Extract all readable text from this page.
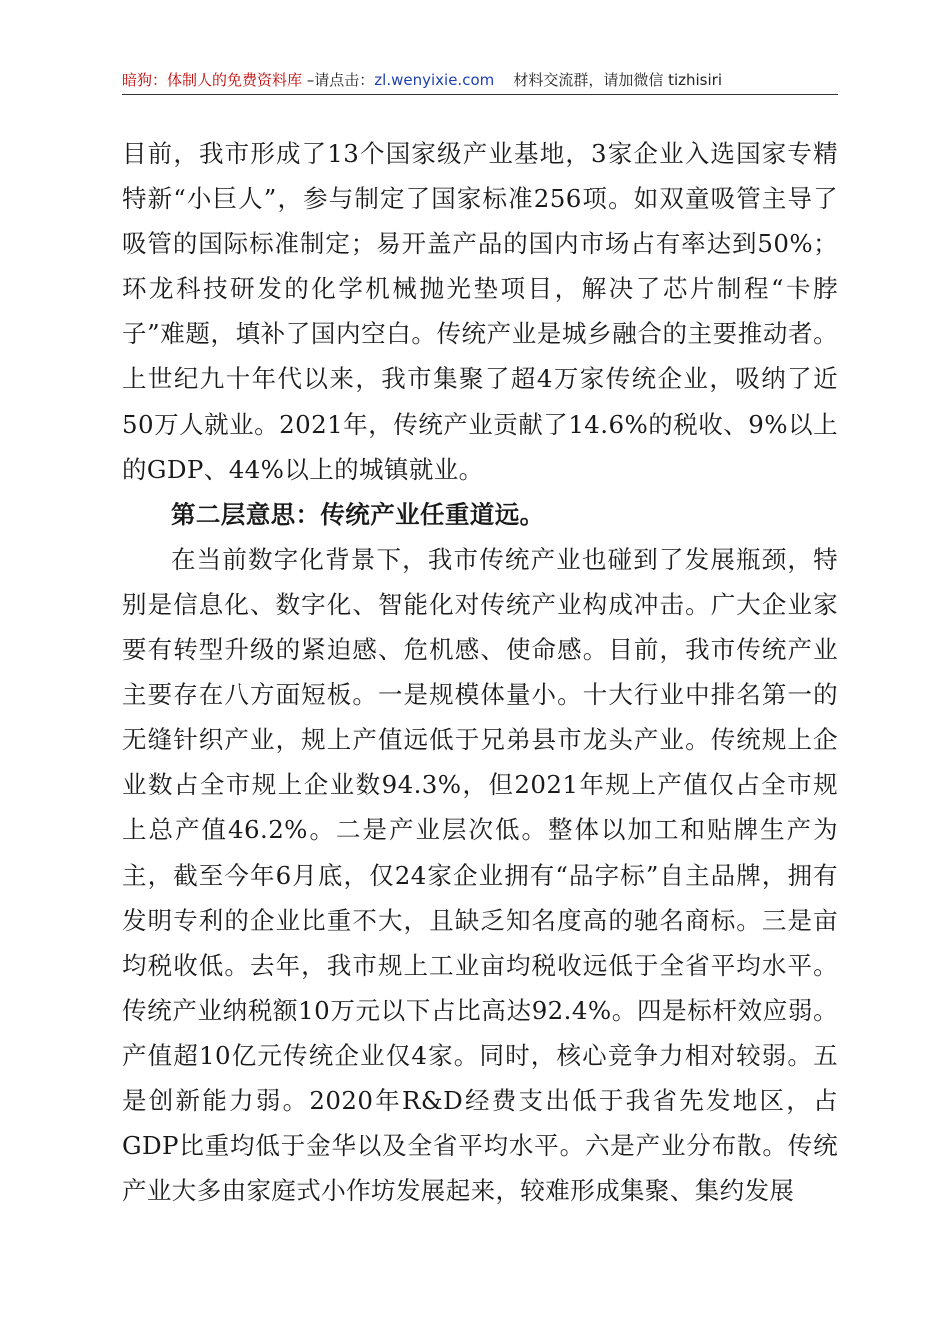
暗狗：体制人的免费资料库 –请点击：zl.wenyixie.com 材料交流群，请加微信 tizhisiri

目前，我市形成了13个国家级产业基地，3家企业入选国家专精特新“小巨人”，参与制定了国家标准256项。如双童吸管主导了吸管的国际标准制定；易开盖产品的国内市场占有率达到50%；环龙科技研发的化学机械抛光垫项目，解决了芯片制程“卡脖子”难题，填补了国内空白。传统产业是城乡融合的主要推动者。上世纪九十年代以来，我市集聚了超4万家传统企业，吸纳了近50万人就业。2021年，传统产业贡献了14.6%的税收、9%以上的GDP、44%以上的城镇就业。

第二层意思：传统产业任重道远。

在当前数字化背景下，我市传统产业也碰到了发展瓶颈，特别是信息化、数字化、智能化对传统产业构成冲击。广大企业家要有转型升级的紧迫感、危机感、使命感。目前，我市传统产业主要存在八方面短板。一是规模体量小。十大行业中排名第一的无缝针织产业，规上产值远低于兄弟县市龙头产业。传统规上企业数占全市规上企业数94.3%，但2021年规上产值仅占全市规上总产值46.2%。二是产业层次低。整体以加工和贴牌生产为主，截至今年6月底，仅24家企业拥有“品字标”自主品牌，拥有发明专利的企业比重不大，且缺乏知名度高的驰名商标。三是亩均税收低。去年，我市规上工业亩均税收远低于全省平均水平。传统产业纳税额10万元以下占比高达92.4%。四是标杆效应弱。产值超10亿元传统企业仅4家。同时，核心竞争力相对较弱。五是创新能力弱。2020年R&D经费支出低于我省先发地区，占GDP比重均低于金华以及全省平均水平。六是产业分布散。传统产业大多由家庭式小作坊发展起来，较难形成集聚、集约发展
